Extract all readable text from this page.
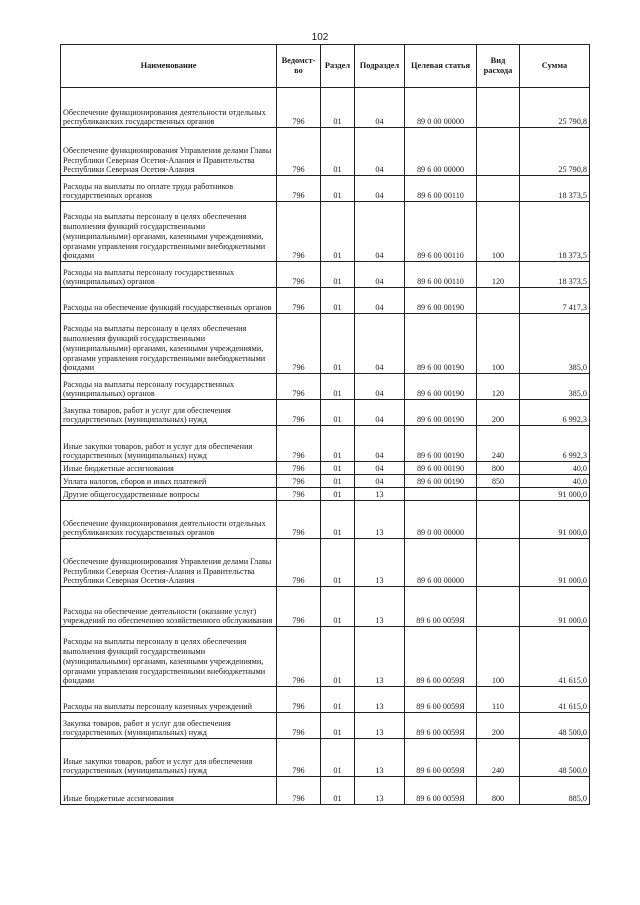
102
Наименование	Ведомст-во	Раздел	Подраздел	Целевая статья	Вид расхода	Сумма
Обеспечение функционирования деятельности отдельных республиканских государственных органов	796	01	04	89 0 00 00000		25 790,8
Обеспечение функционирования Управления делами Главы Республики Северная Осетия-Алания и Правительства Республики Северная Осетия-Алания	796	01	04	89 6 00 00000		25 790,8
Расходы на выплаты по оплате труда работников государственных органов	796	01	04	89 6 00 00110		18 373,5
Расходы на выплаты персоналу в целях обеспечения выполнения функций государственными (муниципальными) органами, казенными учреждениями, органами управления государственными внебюджетными фондами	796	01	04	89 6 00 00110	100	18 373,5
Расходы на выплаты персоналу государственных (муниципальных) органов	796	01	04	89 6 00 00110	120	18 373,5
Расходы на обеспечение функций государственных органов	796	01	04	89 6 00 00190		7 417,3
Расходы на выплаты персоналу в целях обеспечения выполнения функций государственными (муниципальными) органами, казенными учреждениями, органами управления государственными внебюджетными фондами	796	01	04	89 6 00 00190	100	385,0
Расходы на выплаты персоналу государственных (муниципальных) органов	796	01	04	89 6 00 00190	120	385,0
Закупка товаров, работ и услуг для обеспечения государственных (муниципальных) нужд	796	01	04	89 6 00 00190	200	6 992,3
Иные закупки товаров, работ и услуг для обеспечения государственных (муниципальных) нужд	796	01	04	89 6 00 00190	240	6 992,3
Иные бюджетные ассигнования	796	01	04	89 6 00 00190	800	40,0
Уплата налогов, сборов и иных платежей	796	01	04	89 6 00 00190	850	40,0
Другие общегосударственные вопросы	796	01	13			91 000,0
Обеспечение функционирования деятельности отдельных республиканских государственных органов	796	01	13	89 0 00 00000		91 000,0
Обеспечение функционирования Управления делами Главы Республики Северная Осетия-Алания и Правительства Республики Северная Осетия-Алания	796	01	13	89 6 00 00000		91 000,0
Расходы на обеспечение деятельности (оказание услуг) учреждений по обеспечению хозяйственного обслуживания	796	01	13	89 6 00 0059Я		91 000,0
Расходы на выплаты персоналу в целях обеспечения выполнения функций государственными (муниципальными) органами, казенными учреждениями, органами управления государственными внебюджетными фондами	796	01	13	89 6 00 0059Я	100	41 615,0
Расходы на выплаты персоналу казенных учреждений	796	01	13	89 6 00 0059Я	110	41 615,0
Закупка товаров, работ и услуг для обеспечения государственных (муниципальных) нужд	796	01	13	89 6 00 0059Я	200	48 500,0
Иные закупки товаров, работ и услуг для обеспечения государственных (муниципальных) нужд	796	01	13	89 6 00 0059Я	240	48 500,0
Иные бюджетные ассигнования	796	01	13	89 6 00 0059Я	800	885,0
